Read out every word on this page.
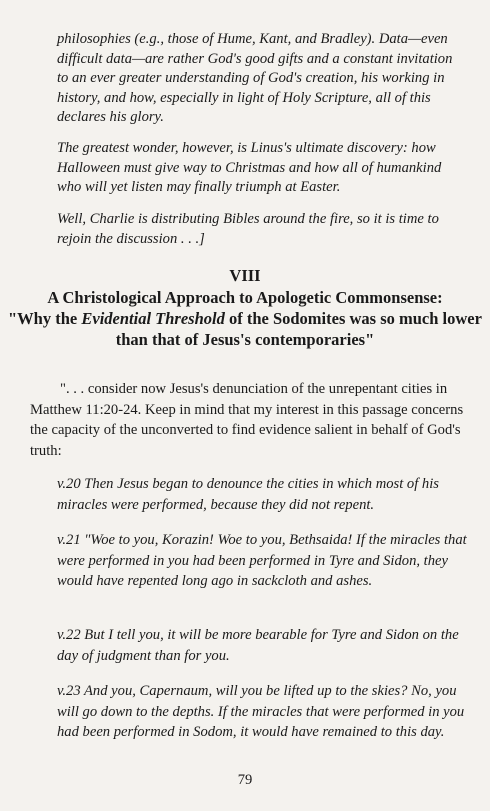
philosophies (e.g., those of Hume, Kant, and Bradley). Data—even difficult data—are rather God's good gifts and a constant invitation to an ever greater understanding of God's creation, his working in history, and how, especially in light of Holy Scripture, all of this declares his glory.

The greatest wonder, however, is Linus's ultimate discovery: how Halloween must give way to Christmas and how all of humankind who will yet listen may finally triumph at Easter.

Well, Charlie is distributing Bibles around the fire, so it is time to rejoin the discussion . . .]

VIII
A Christological Approach to Apologetic Commonsense:
"Why the Evidential Threshold of the Sodomites was so much lower than that of Jesus's contemporaries"

". . . consider now Jesus's denunciation of the unrepentant cities in Matthew 11:20-24. Keep in mind that my interest in this passage concerns the capacity of the unconverted to find evidence salient in behalf of God's truth:

v.20 Then Jesus began to denounce the cities in which most of his miracles were performed, because they did not repent.

v.21 "Woe to you, Korazin! Woe to you, Bethsaida! If the miracles that were performed in you had been performed in Tyre and Sidon, they would have repented long ago in sackcloth and ashes.

v.22 But I tell you, it will be more bearable for Tyre and Sidon on the day of judgment than for you.

v.23 And you, Capernaum, will you be lifted up to the skies? No, you will go down to the depths. If the miracles that were performed in you had been performed in Sodom, it would have remained to this day.

79
